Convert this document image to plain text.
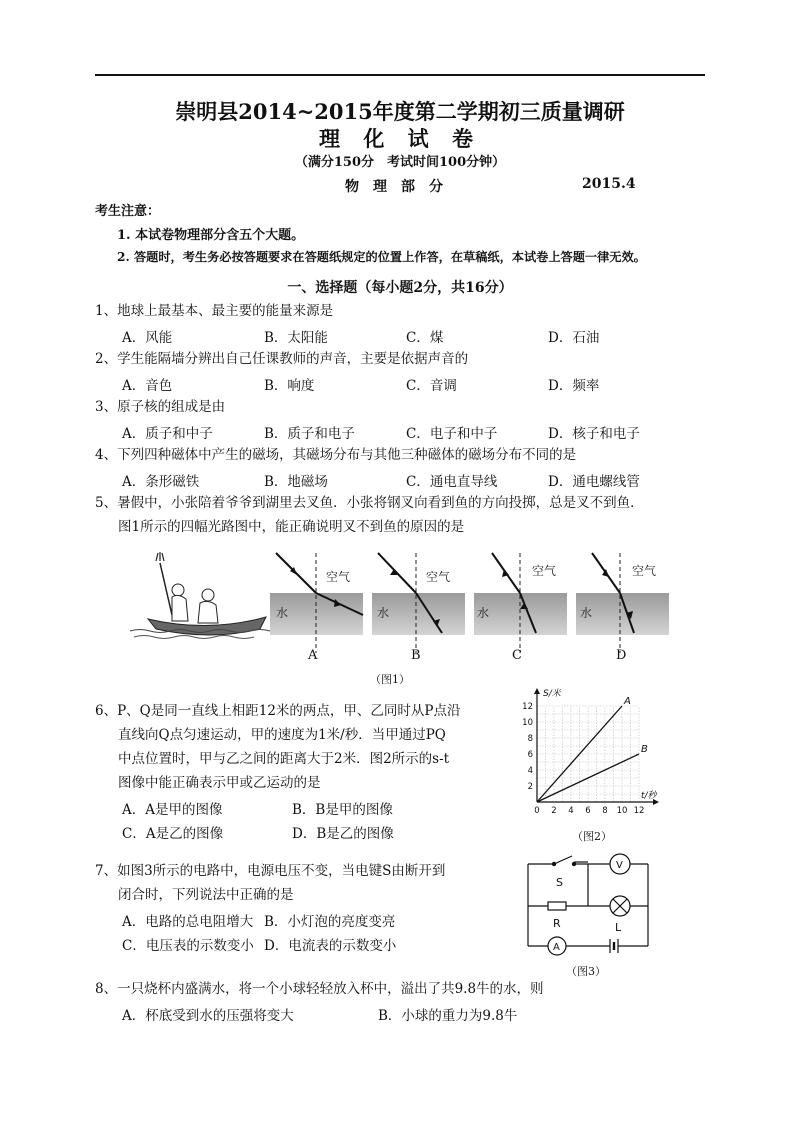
崇明县2014~2015年度第二学期初三质量调研
理 化 试 卷
（满分150分　考试时间100分钟）
物　理　部　分	2015.4
考生注意：
1. 本试卷物理部分含五个大题。
2. 答题时，考生务必按答题要求在答题纸规定的位置上作答，在草稿纸，本试卷上答题一律无效。
一、选择题（每小题2分，共16分）
1、地球上最基本、最主要的能量来源是
A．风能	B．太阳能	C．煤	D．石油
2、学生能隔墙分辨出自己任课教师的声音，主要是依据声音的
A．音色	B．响度	C．音调	D．频率
3、原子核的组成是由
A．质子和中子	B．质子和电子	C．电子和中子	D．核子和电子
4、下列四种磁体中产生的磁场，其磁场分布与其他三种磁体的磁场分布不同的是
A．条形磁铁	B．地磁场	C．通电直导线	D．通电螺线管
5、暑假中，小张陪着爷爷到湖里去叉鱼．小张将钢叉向看到鱼的方向投掷，总是叉不到鱼．
图1所示的四幅光路图中，能正确说明叉不到鱼的原因的是
空气
水
空气
水
空气
水
空气
水
A	B	C	D
（图1）
6、P、Q是同一直线上相距12米的两点，甲、乙同时从P点沿
直线向Q点匀速运动，甲的速度为1米/秒．当甲通过PQ
中点位置时，甲与乙之间的距离大于2米．图2所示的s-t
图像中能正确表示甲或乙运动的是
A．A是甲的图像	B．B是甲的图像
C．A是乙的图像	D．B是乙的图像
2
4
6
8
10
12
0 2 4 6 8 10 12
S/米
t/秒
A
B
（图2）
7、如图3所示的电路中，电源电压不变，当电键S由断开到
闭合时，下列说法中正确的是
A．电路的总电阻增大 B．小灯泡的亮度变亮
C．电压表的示数变小 D．电流表的示数变小
V
A
S
R	L
（图3）
8、一只烧杯内盛满水，将一个小球轻轻放入杯中，溢出了共9.8牛的水，则
A．杯底受到水的压强将变大	B．小球的重力为9.8牛
